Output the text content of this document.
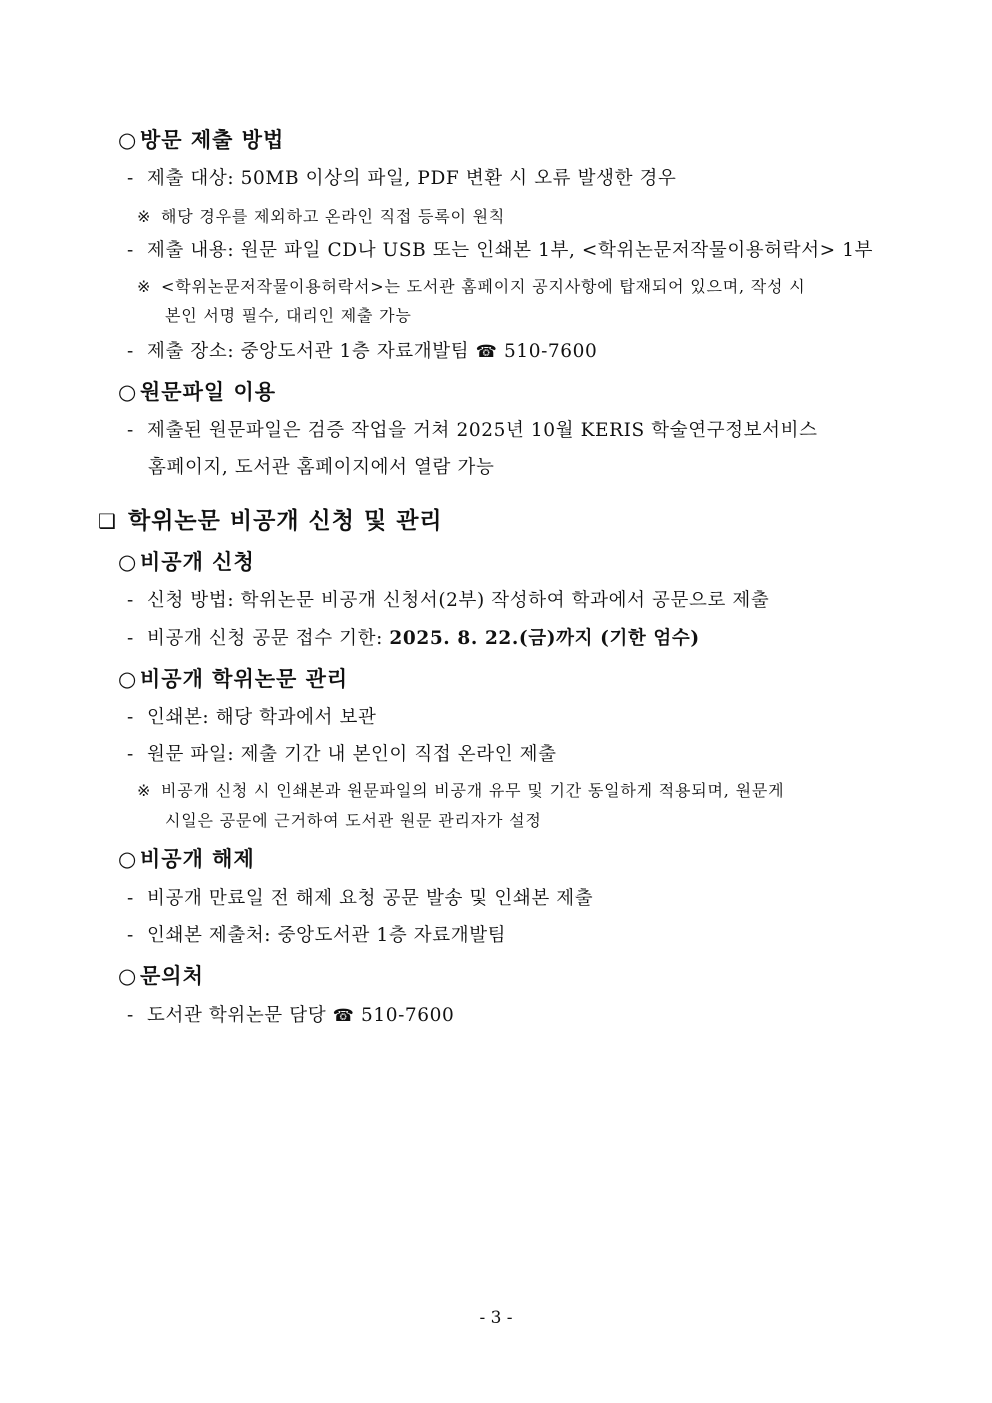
○ 방문 제출 방법
- 제출 대상: 50MB 이상의 파일, PDF 변환 시 오류 발생한 경우
※ 해당 경우를 제외하고 온라인 직접 등록이 원칙
- 제출 내용: 원문 파일 CD나 USB 또는 인쇄본 1부, <학위논문저작물이용허락서> 1부
※ <학위논문저작물이용허락서>는 도서관 홈페이지 공지사항에 탑재되어 있으며, 작성 시
본인 서명 필수, 대리인 제출 가능
- 제출 장소: 중앙도서관 1층 자료개발팀 ☎ 510-7600
○ 원문파일 이용
- 제출된 원문파일은 검증 작업을 거쳐 2025년 10월 KERIS 학술연구정보서비스
홈페이지, 도서관 홈페이지에서 열람 가능
❑ 학위논문 비공개 신청 및 관리
○ 비공개 신청
- 신청 방법: 학위논문 비공개 신청서(2부) 작성하여 학과에서 공문으로 제출
- 비공개 신청 공문 접수 기한: 2025. 8. 22.(금)까지 (기한 엄수)
○ 비공개 학위논문 관리
- 인쇄본: 해당 학과에서 보관
- 원문 파일: 제출 기간 내 본인이 직접 온라인 제출
※ 비공개 신청 시 인쇄본과 원문파일의 비공개 유무 및 기간 동일하게 적용되며, 원문게
시일은 공문에 근거하여 도서관 원문 관리자가 설정
○ 비공개 해제
- 비공개 만료일 전 해제 요청 공문 발송 및 인쇄본 제출
- 인쇄본 제출처: 중앙도서관 1층 자료개발팀
○ 문의처
- 도서관 학위논문 담당 ☎ 510-7600
- 3 -
